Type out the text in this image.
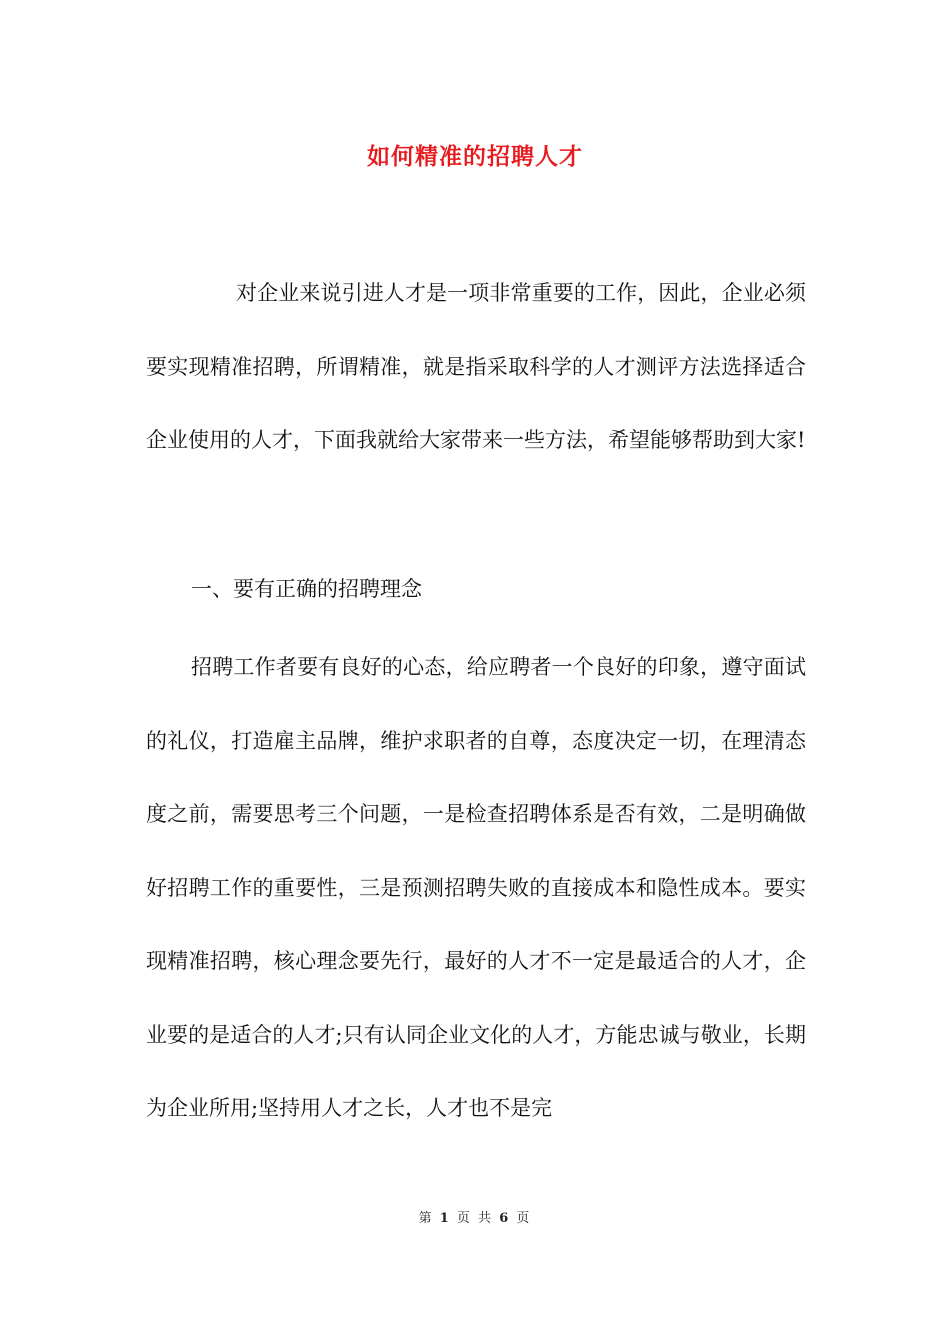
如何精准的招聘人才

对企业来说引进人才是一项非常重要的工作，因此，企业必须要实现精准招聘，所谓精准，就是指采取科学的人才测评方法选择适合企业使用的人才，下面我就给大家带来一些方法，希望能够帮助到大家!

一、要有正确的招聘理念

招聘工作者要有良好的心态，给应聘者一个良好的印象，遵守面试的礼仪，打造雇主品牌，维护求职者的自尊，态度决定一切，在理清态度之前，需要思考三个问题，一是检查招聘体系是否有效，二是明确做好招聘工作的重要性，三是预测招聘失败的直接成本和隐性成本。要实现精准招聘，核心理念要先行，最好的人才不一定是最适合的人才，企业要的是适合的人才;只有认同企业文化的人才，方能忠诚与敬业，长期为企业所用;坚持用人才之长，人才也不是完

第 1 页 共 6 页
